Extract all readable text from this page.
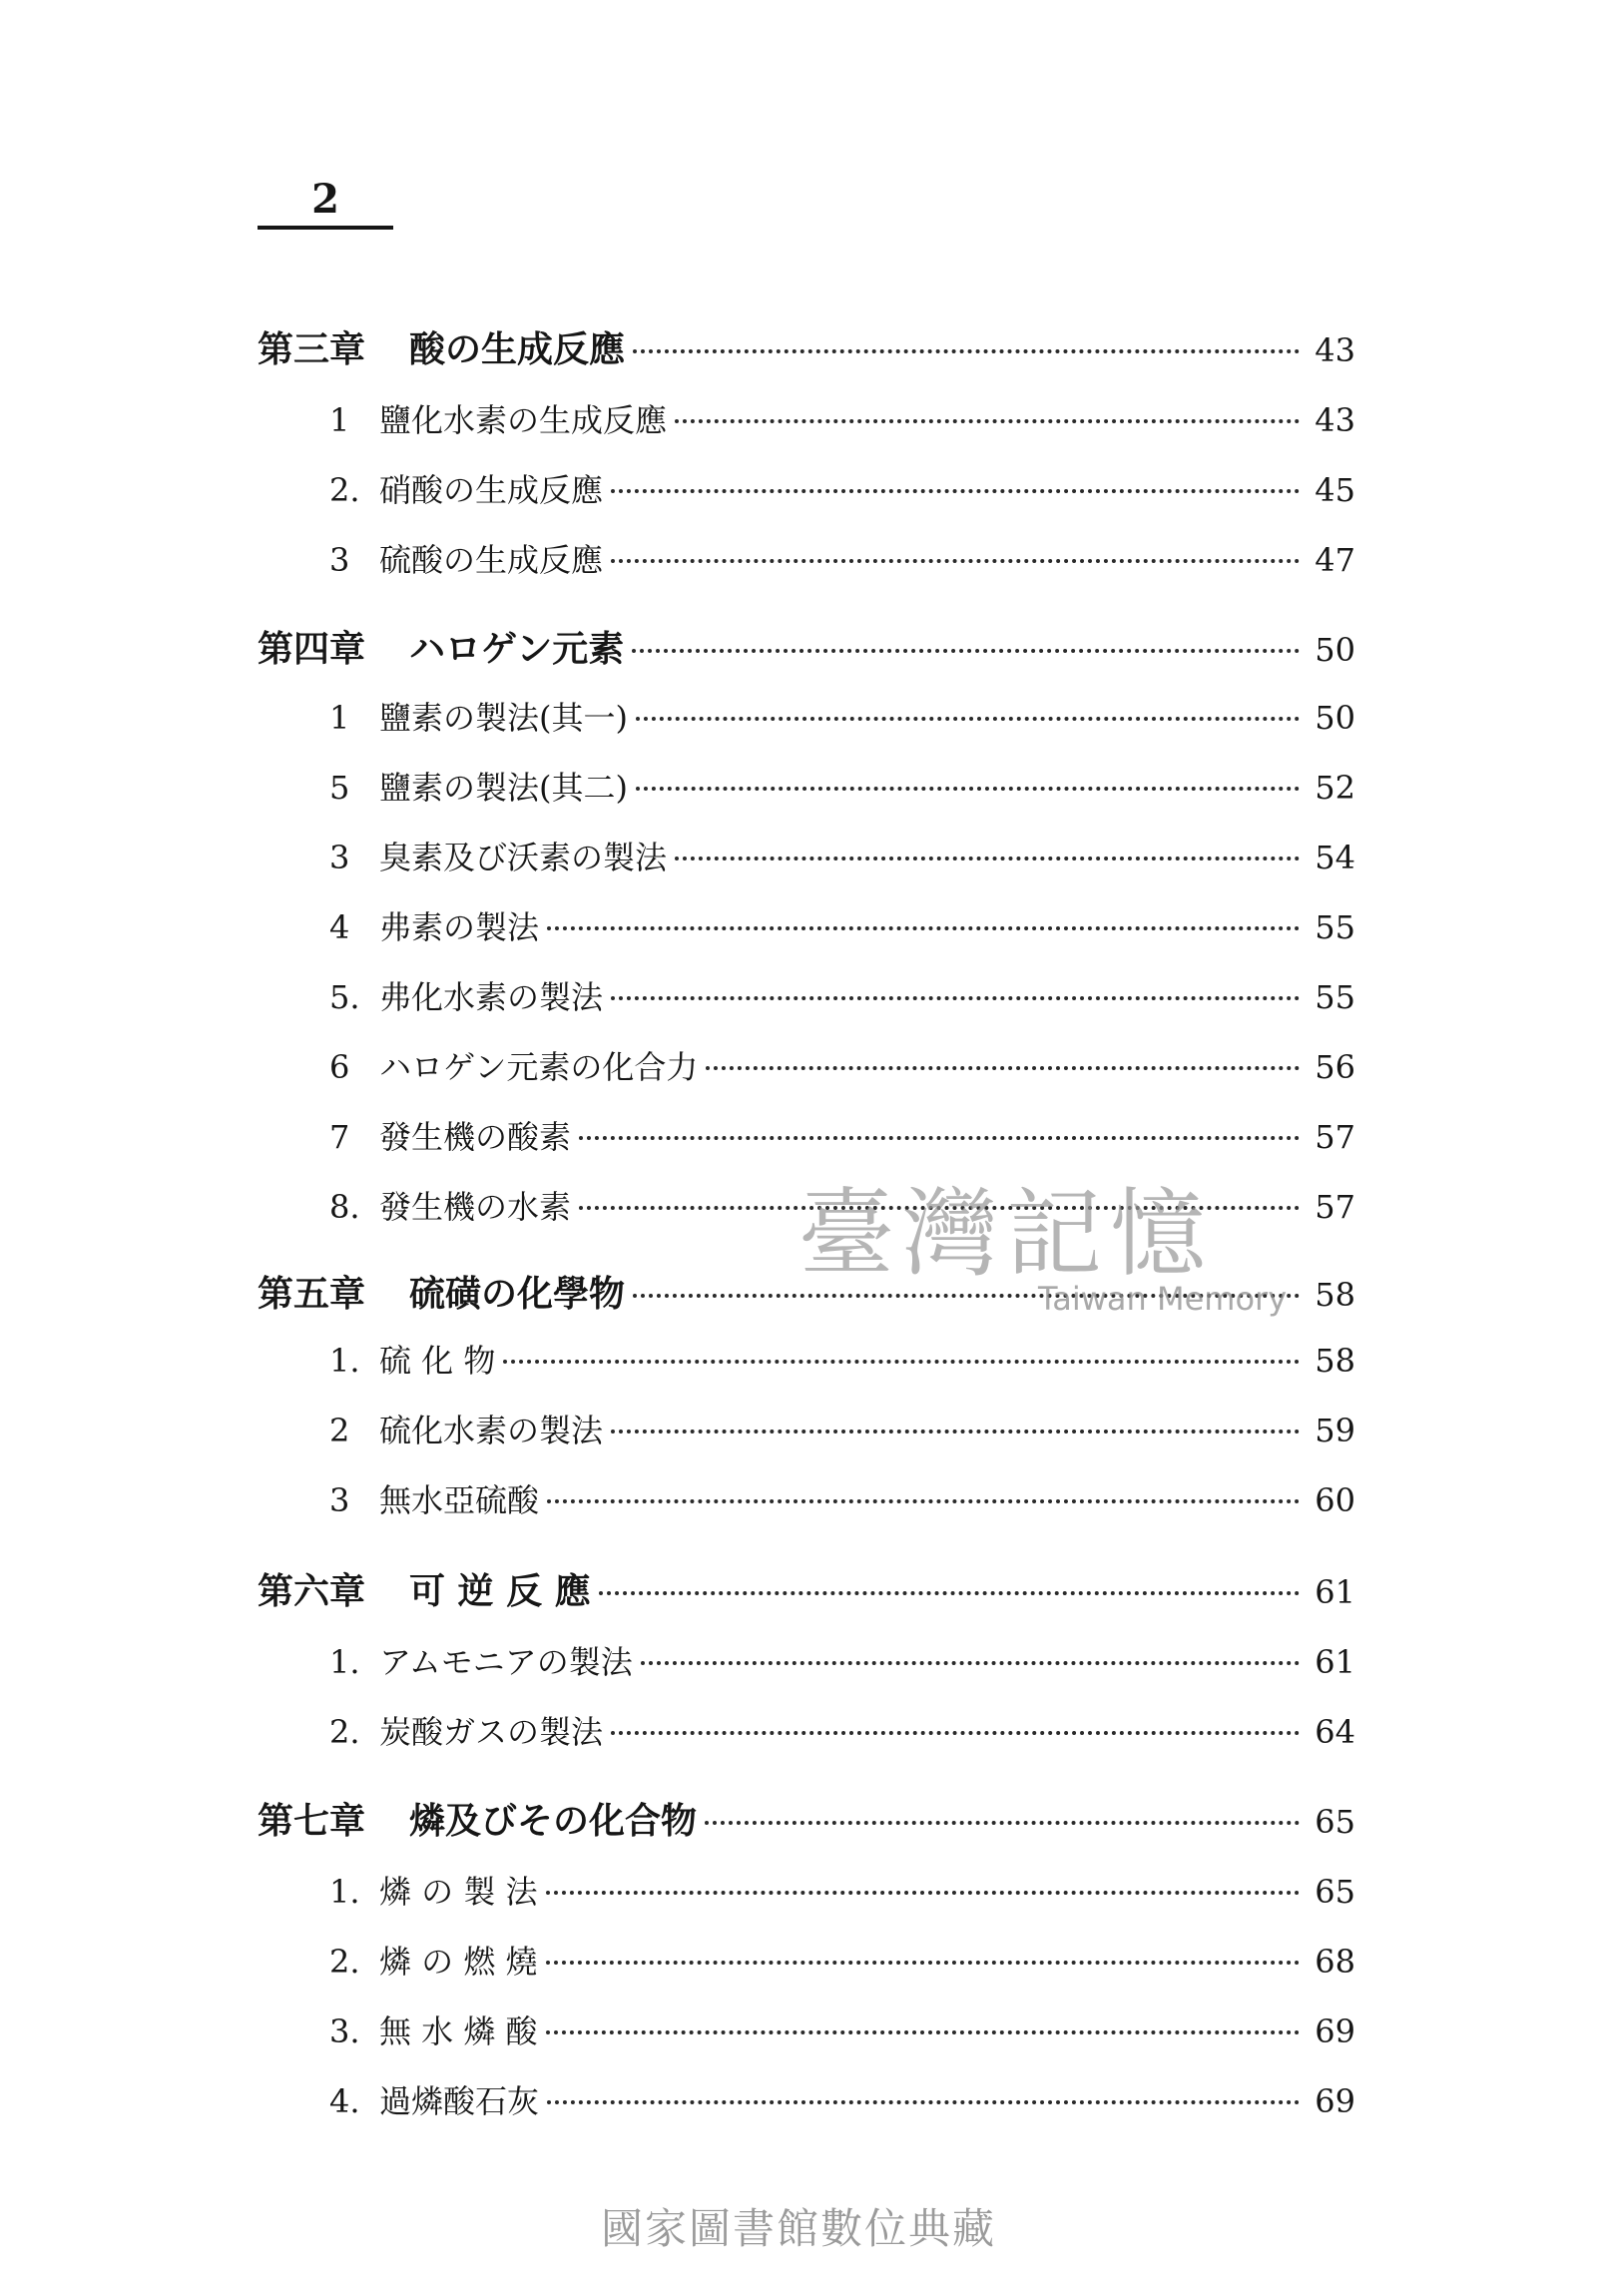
2
第三章 酸の生成反應	43
1 鹽化水素の生成反應	43
2. 硝酸の生成反應	45
3 硫酸の生成反應	47
第四章 ハロゲン元素	50
1 鹽素の製法(其一)	50
5 鹽素の製法(其二)	52
3 臭素及び沃素の製法	54
4 弗素の製法	55
5. 弗化水素の製法	55
6 ハロゲン元素の化合力	56
7 發生機の酸素	57
8. 發生機の水素	57
第五章 硫磺の化學物	58
1. 硫 化 物	58
2 硫化水素の製法	59
3 無水亞硫酸	60
第六章 可 逆 反 應	61
1. アムモニアの製法	61
2. 炭酸ガスの製法	64
第七章 燐及びその化合物	65
1. 燐 の 製 法	65
2. 燐 の 燃 燒	68
3. 無 水 燐 酸	69
4. 過燐酸石灰	69
臺灣記憶
Taiwan Memory
國家圖書館數位典藏
